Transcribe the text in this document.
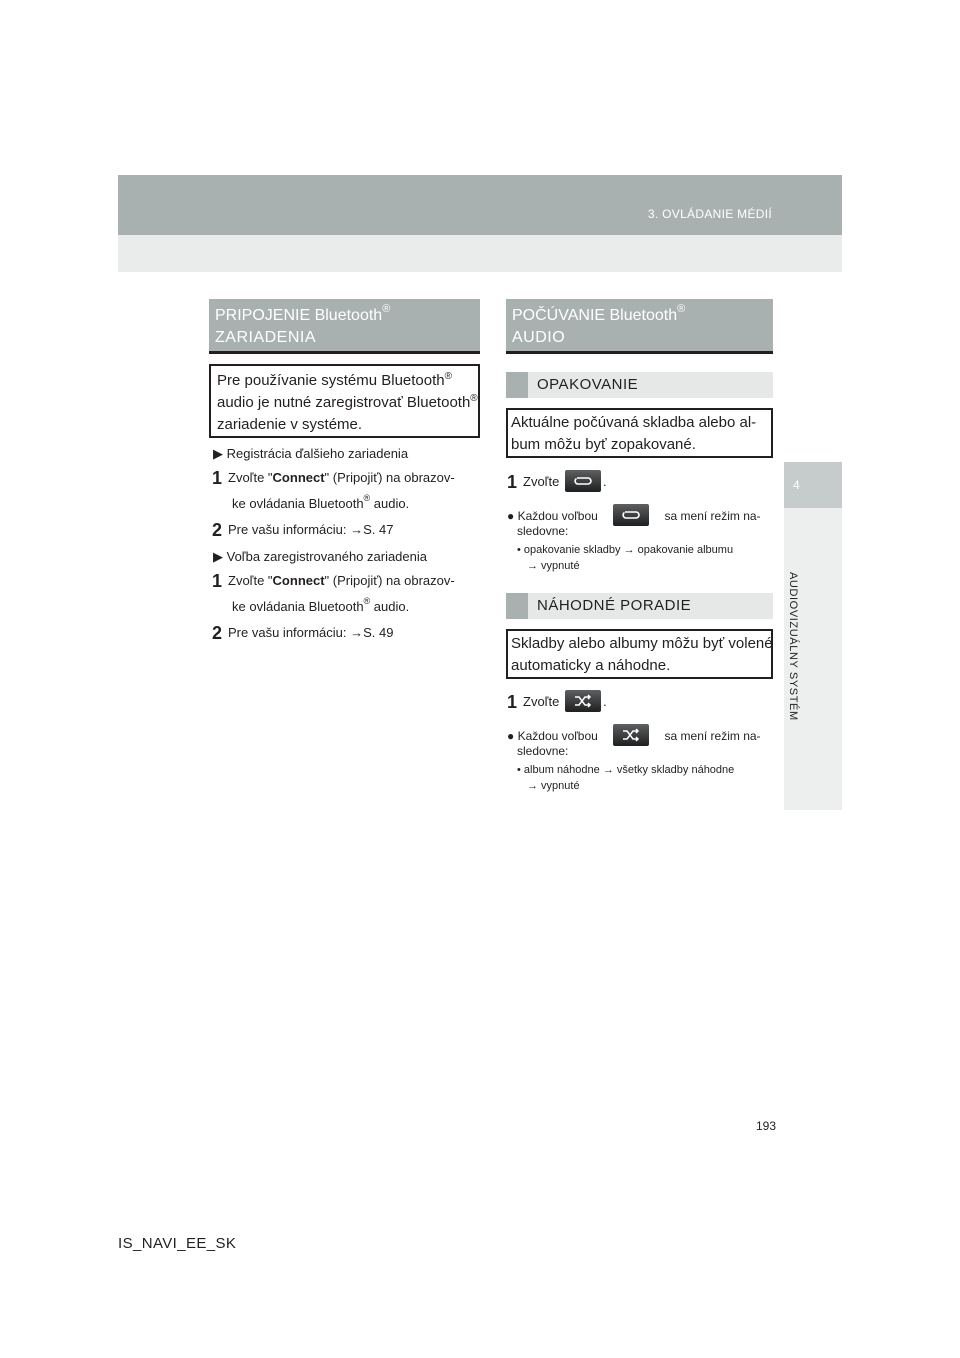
3. OVLÁDANIE MÉDIÍ
4
AUDIOVIZUÁLNY SYSTÉM
PRIPOJENIE Bluetooth®
ZARIADENIA
Pre používanie systému Bluetooth®
audio je nutné zaregistrovať Bluetooth®
zariadenie v systéme.
▶ Registrácia ďalšieho zariadenia
1 Zvoľte "Connect" (Pripojiť) na obrazov-
ke ovládania Bluetooth® audio.
2 Pre vašu informáciu: →S. 47
▶ Voľba zaregistrovaného zariadenia
1 Zvoľte "Connect" (Pripojiť) na obrazov-
ke ovládania Bluetooth® audio.
2 Pre vašu informáciu: →S. 49
POČÚVANIE Bluetooth®
AUDIO
OPAKOVANIE
Aktuálne počúvaná skladba alebo al-
bum môžu byť zopakované.
1 Zvoľte	.
● Každou voľbou	sa mení režim na-
sledovne:
• opakovanie skladby → opakovanie albumu
→ vypnuté
NÁHODNÉ PORADIE
Skladby alebo albumy môžu byť volené
automaticky a náhodne.
1 Zvoľte	.
● Každou voľbou	sa mení režim na-
sledovne:
• album náhodne → všetky skladby náhodne
→ vypnuté
193
IS_NAVI_EE_SK
